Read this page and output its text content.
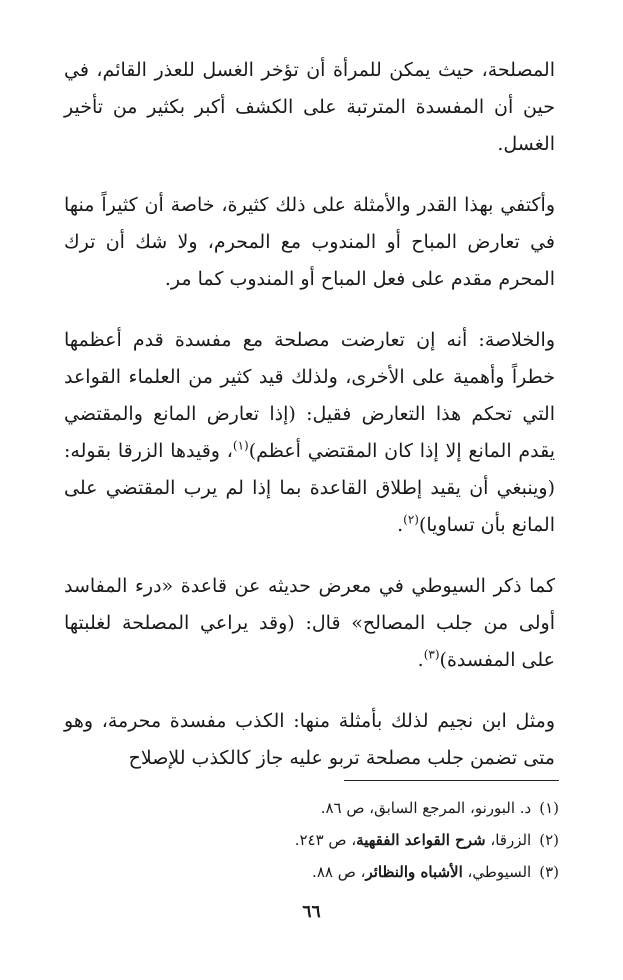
المصلحة، حيث يمكن للمرأة أن تؤخر الغسل للعذر القائم، في حين أن المفسدة المترتبة على الكشف أكبر بكثير من تأخير الغسل.

وأكتفي بهذا القدر والأمثلة على ذلك كثيرة، خاصة أن كثيراً منها في تعارض المباح أو المندوب مع المحرم، ولا شك أن ترك المحرم مقدم على فعل المباح أو المندوب كما مر.

والخلاصة: أنه إن تعارضت مصلحة مع مفسدة قدم أعظمها خطراً وأهمية على الأخرى، ولذلك قيد كثير من العلماء القواعد التي تحكم هذا التعارض فقيل: (إذا تعارض المانع والمقتضي يقدم المانع إلا إذا كان المقتضي أعظم)$^{(١)}$، وقيدها الزرقا بقوله: (وينبغي أن يقيد إطلاق القاعدة بما إذا لم يرب المقتضي على المانع بأن تساويا)$^{(٢)}$.

كما ذكر السيوطي في معرض حديثه عن قاعدة «درء المفاسد أولى من جلب المصالح» قال: (وقد يراعي المصلحة لغلبتها على المفسدة)$^{(٣)}$.

ومثل ابن نجيم لذلك بأمثلة منها: الكذب مفسدة محرمة، وهو متى تضمن جلب مصلحة تربو عليه جاز كالكذب للإصلاح

(١)د. البورنو، المرجع السابق، ص ٨٦.
(٢)الزرقا، شرح القواعد الفقهية، ص ٢٤٣.
(٣)السيوطي، الأشباه والنظائر، ص ٨٨.
٦٦
